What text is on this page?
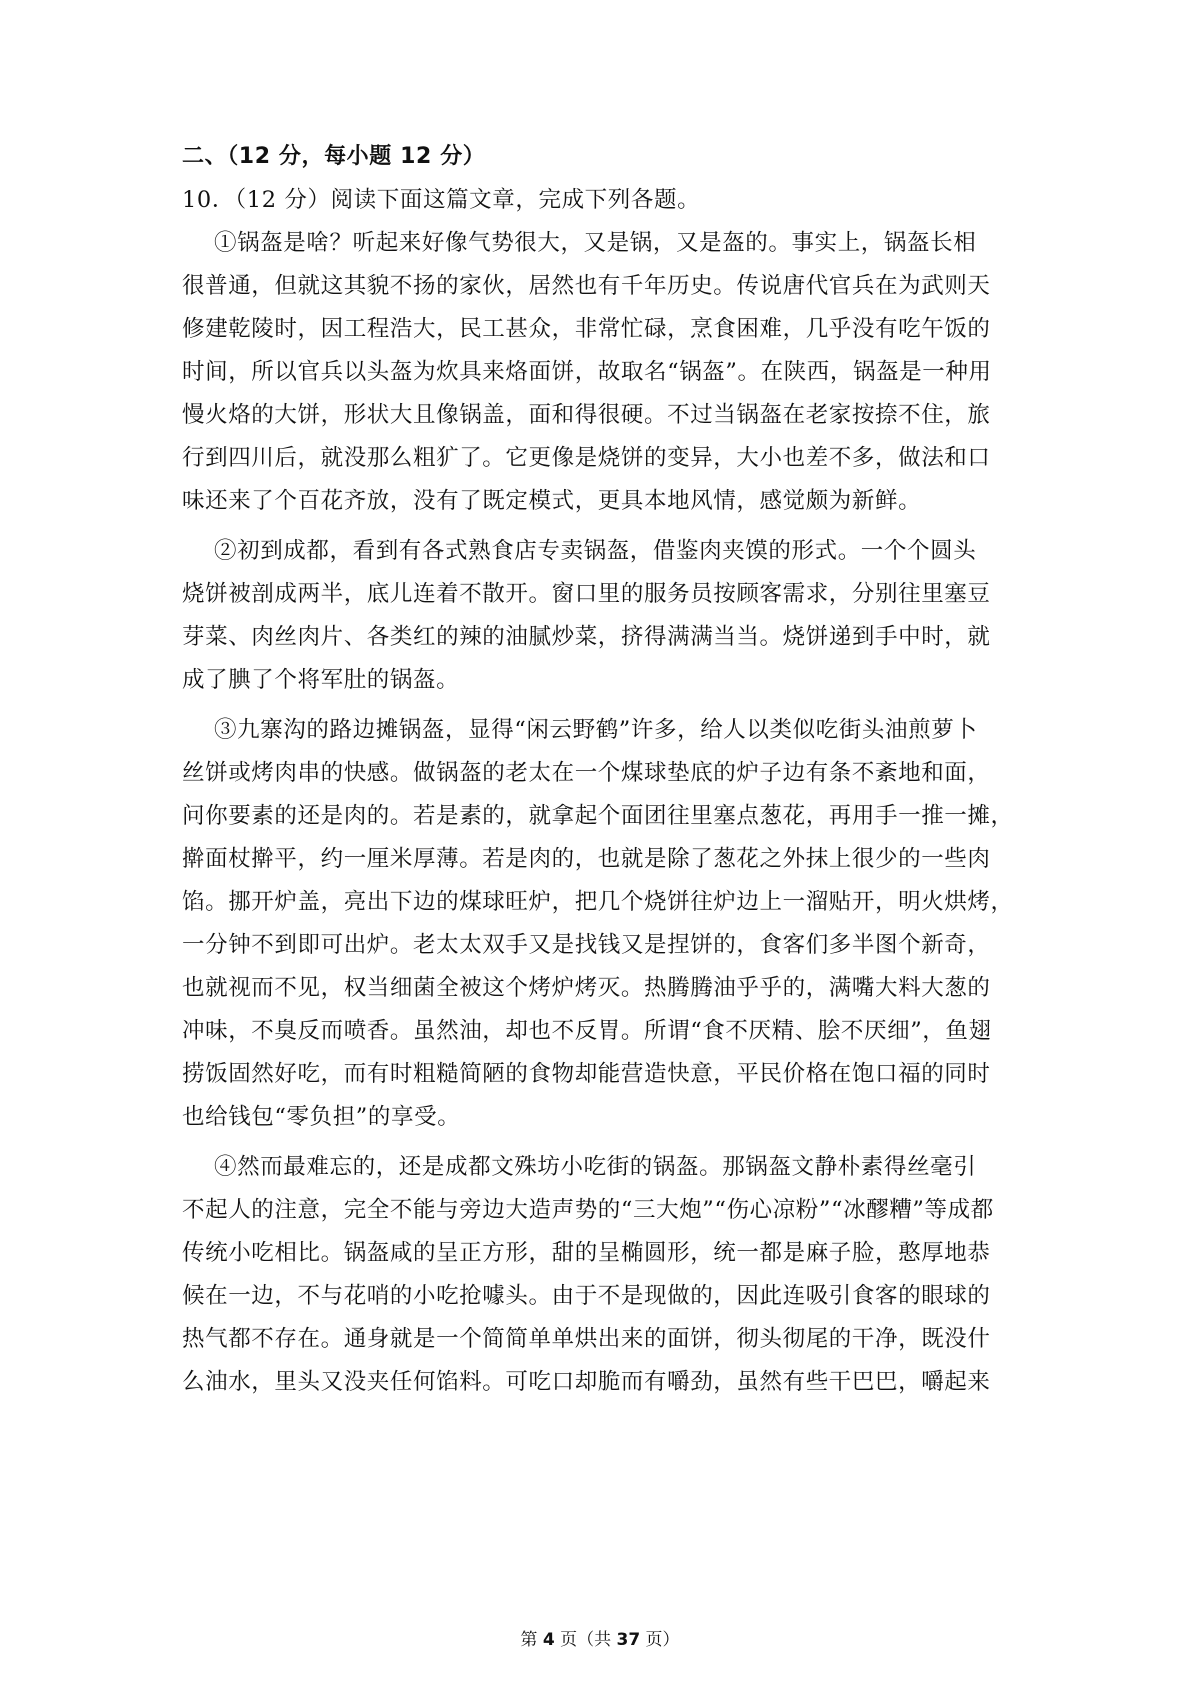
二、（12 分，每小题 12 分）
10．（12 分）阅读下面这篇文章，完成下列各题。
①锅盔是啥？听起来好像气势很大，又是锅，又是盔的。事实上，锅盔长相
很普通，但就这其貌不扬的家伙，居然也有千年历史。传说唐代官兵在为武则天
修建乾陵时，因工程浩大，民工甚众，非常忙碌，烹食困难，几乎没有吃午饭的
时间，所以官兵以头盔为炊具来烙面饼，故取名“锅盔”。在陕西，锅盔是一种用
慢火烙的大饼，形状大且像锅盖，面和得很硬。不过当锅盔在老家按捺不住，旅
行到四川后，就没那么粗犷了。它更像是烧饼的变异，大小也差不多，做法和口
味还来了个百花齐放，没有了既定模式，更具本地风情，感觉颇为新鲜。
②初到成都，看到有各式熟食店专卖锅盔，借鉴肉夹馍的形式。一个个圆头
烧饼被剖成两半，底儿连着不散开。窗口里的服务员按顾客需求，分别往里塞豆
芽菜、肉丝肉片、各类红的辣的油腻炒菜，挤得满满当当。烧饼递到手中时，就
成了腆了个将军肚的锅盔。
③九寨沟的路边摊锅盔，显得“闲云野鹤”许多，给人以类似吃街头油煎萝卜
丝饼或烤肉串的快感。做锅盔的老太在一个煤球垫底的炉子边有条不紊地和面，
问你要素的还是肉的。若是素的，就拿起个面团往里塞点葱花，再用手一推一摊，
擀面杖擀平，约一厘米厚薄。若是肉的，也就是除了葱花之外抹上很少的一些肉
馅。挪开炉盖，亮出下边的煤球旺炉，把几个烧饼往炉边上一溜贴开，明火烘烤，
一分钟不到即可出炉。老太太双手又是找钱又是捏饼的，食客们多半图个新奇，
也就视而不见，权当细菌全被这个烤炉烤灭。热腾腾油乎乎的，满嘴大料大葱的
冲味，不臭反而喷香。虽然油，却也不反胃。所谓“食不厌精、脍不厌细”，鱼翅
捞饭固然好吃，而有时粗糙简陋的食物却能营造快意，平民价格在饱口福的同时
也给钱包“零负担”的享受。
④然而最难忘的，还是成都文殊坊小吃街的锅盔。那锅盔文静朴素得丝毫引
不起人的注意，完全不能与旁边大造声势的“三大炮”“伤心凉粉”“冰醪糟”等成都
传统小吃相比。锅盔咸的呈正方形，甜的呈椭圆形，统一都是麻子脸，憨厚地恭
候在一边，不与花哨的小吃抢噱头。由于不是现做的，因此连吸引食客的眼球的
热气都不存在。通身就是一个简简单单烘出来的面饼，彻头彻尾的干净，既没什
么油水，里头又没夹任何馅料。可吃口却脆而有嚼劲，虽然有些干巴巴，嚼起来
第 4 页（共 37 页）
